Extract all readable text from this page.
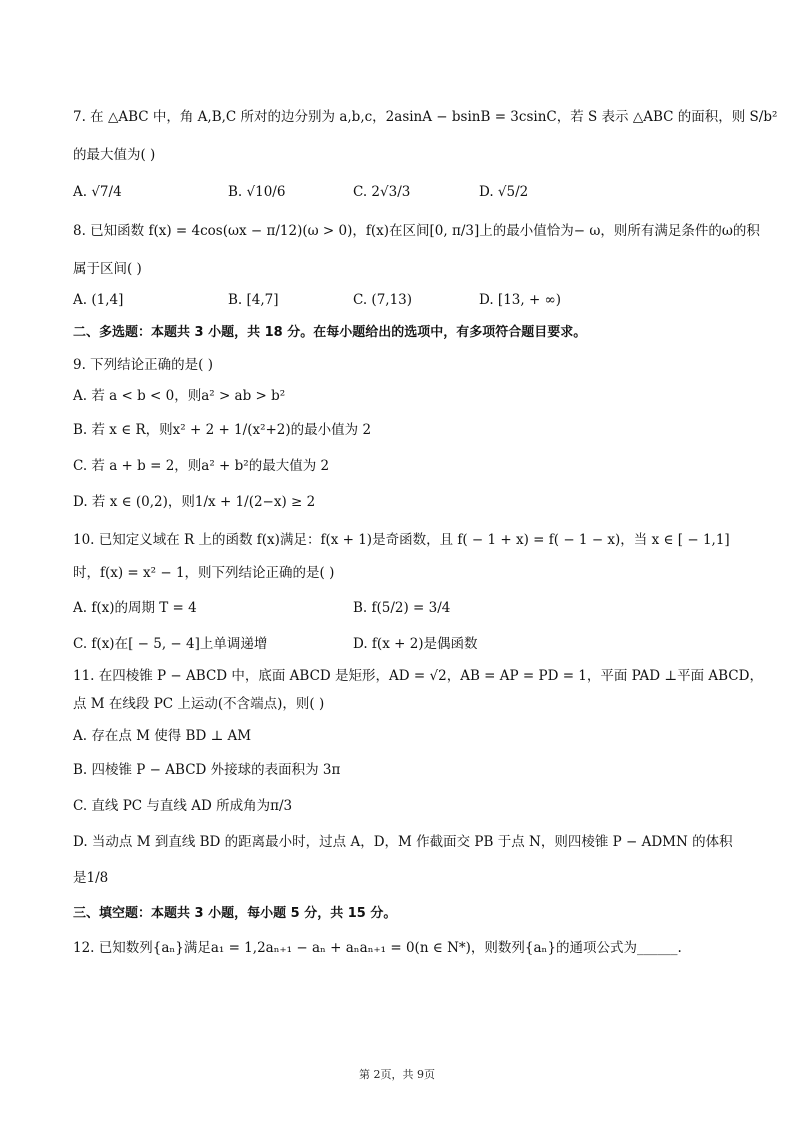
7. 在 △ABC 中，角 A,B,C 所对的边分别为 a,b,c，2asinA − bsinB = 3csinC，若 S 表示 △ABC 的面积，则 S/b²
的最大值为( )
A. √7/4	B. √10/6	C. 2√3/3	D. √5/2
8. 已知函数 f(x) = 4cos(ωx − π/12)(ω > 0)，f(x)在区间[0, π/3]上的最小值恰为− ω，则所有满足条件的ω的积
属于区间( )
A. (1,4]	B. [4,7]	C. (7,13)	D. [13, + ∞)
二、多选题：本题共 3 小题，共 18 分。在每小题给出的选项中，有多项符合题目要求。
9. 下列结论正确的是( )
A. 若 a < b < 0，则a² > ab > b²
B. 若 x ∈ R，则x² + 2 + 1/(x²+2)的最小值为 2
C. 若 a + b = 2，则a² + b²的最大值为 2
D. 若 x ∈ (0,2)，则1/x + 1/(2−x) ≥ 2
10. 已知定义域在 R 上的函数 f(x)满足：f(x + 1)是奇函数，且 f( − 1 + x) = f( − 1 − x)，当 x ∈ [ − 1,1]
时，f(x) = x² − 1，则下列结论正确的是( )
A. f(x)的周期 T = 4	B. f(5/2) = 3/4
C. f(x)在[ − 5, − 4]上单调递增	D. f(x + 2)是偶函数
11. 在四棱锥 P − ABCD 中，底面 ABCD 是矩形，AD = √2，AB = AP = PD = 1，平面 PAD ⊥平面 ABCD，
点 M 在线段 PC 上运动(不含端点)，则( )
A. 存在点 M 使得 BD ⊥ AM
B. 四棱锥 P − ABCD 外接球的表面积为 3π
C. 直线 PC 与直线 AD 所成角为π/3
D. 当动点 M 到直线 BD 的距离最小时，过点 A，D，M 作截面交 PB 于点 N，则四棱锥 P − ADMN 的体积
是1/8
三、填空题：本题共 3 小题，每小题 5 分，共 15 分。
12. 已知数列{aₙ}满足a₁ = 1,2aₙ₊₁ − aₙ + aₙaₙ₊₁ = 0(n ∈ N*)，则数列{aₙ}的通项公式为______.
第 2页，共 9页
